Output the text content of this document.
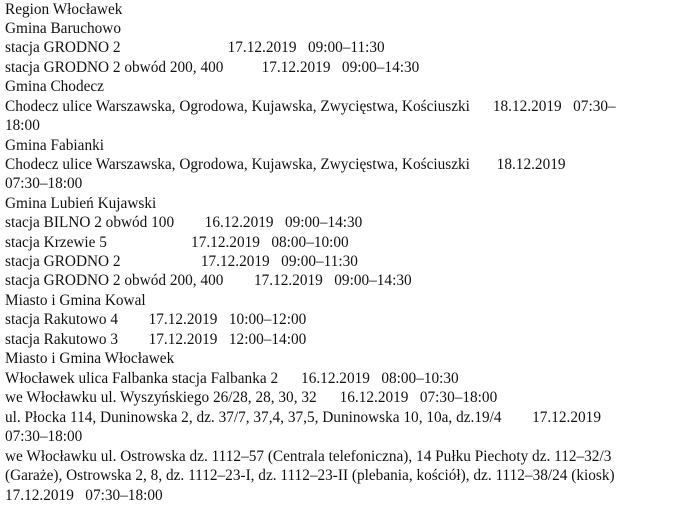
Region Włocławek
Gmina Baruchowo
stacja GRODNO 2                            17.12.2019   09:00–11:30
stacja GRODNO 2 obwód 200, 400          17.12.2019   09:00–14:30
Gmina Chodecz
Chodecz ulice Warszawska, Ogrodowa, Kujawska, Zwycięstwa, Kościuszki      18.12.2019   07:30–
18:00
Gmina Fabianki
Chodecz ulice Warszawska, Ogrodowa, Kujawska, Zwycięstwa, Kościuszki       18.12.2019
07:30–18:00
Gmina Lubień Kujawski
stacja BILNO 2 obwód 100        16.12.2019   09:00–14:30
stacja Krzewie 5                      17.12.2019   08:00–10:00
stacja GRODNO 2                     17.12.2019   09:00–11:30
stacja GRODNO 2 obwód 200, 400        17.12.2019   09:00–14:30
Miasto i Gmina Kowal
stacja Rakutowo 4        17.12.2019   10:00–12:00
stacja Rakutowo 3        17.12.2019   12:00–14:00
Miasto i Gmina Włocławek
Włocławek ulica Falbanka stacja Falbanka 2      16.12.2019   08:00–10:30
we Włocławku ul. Wyszyńskiego 26/28, 28, 30, 32      16.12.2019   07:30–18:00
ul. Płocka 114, Duninowska 2, dz. 37/7, 37,4, 37,5, Duninowska 10, 10a, dz.19/4        17.12.2019
07:30–18:00
we Włocławku ul. Ostrowska dz. 1112–57 (Centrala telefoniczna), 14 Pułku Piechoty dz. 112–32/3
(Garaże), Ostrowska 2, 8, dz. 1112–23-I, dz. 1112–23-II (plebania, kościół), dz. 1112–38/24 (kiosk)
17.12.2019   07:30–18:00
